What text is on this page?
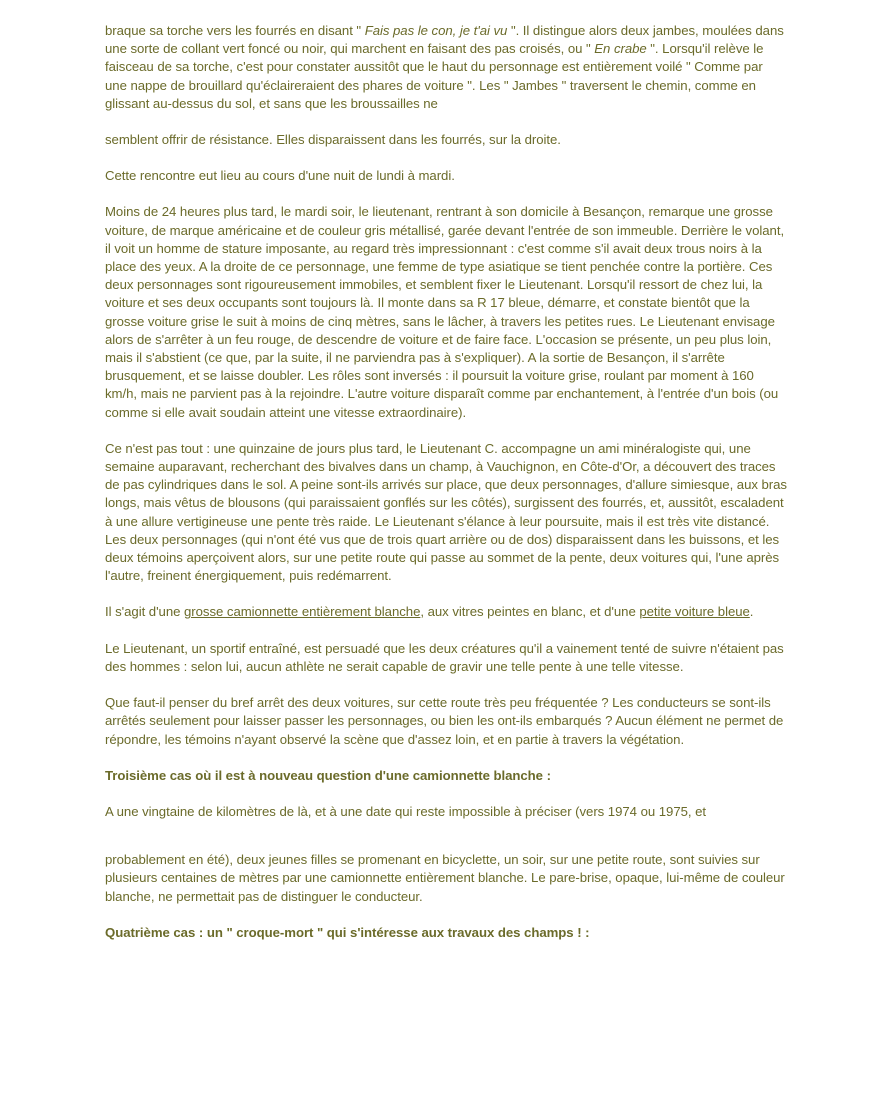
braque sa torche vers les fourrés en disant " Fais pas le con, je t'ai vu ". Il distingue alors deux jambes, moulées dans une sorte de collant vert foncé ou noir, qui marchent en faisant des pas croisés, ou " En crabe ". Lorsqu'il relève le faisceau de sa torche, c'est pour constater aussitôt que le haut du personnage est entièrement voilé " Comme par une nappe de brouillard qu'éclaireraient des phares de voiture ". Les " Jambes " traversent le chemin, comme en glissant au-dessus du sol, et sans que les broussailles ne

semblent offrir de résistance. Elles disparaissent dans les fourrés, sur la droite.

Cette rencontre eut lieu au cours d'une nuit de lundi à mardi.

Moins de 24 heures plus tard, le mardi soir, le lieutenant, rentrant à son domicile à Besançon, remarque une grosse voiture, de marque américaine et de couleur gris métallisé, garée devant l'entrée de son immeuble. Derrière le volant, il voit un homme de stature imposante, au regard très impressionnant : c'est comme s'il avait deux trous noirs à la place des yeux. A la droite de ce personnage, une femme de type asiatique se tient penchée contre la portière. Ces deux personnages sont rigoureusement immobiles, et semblent fixer le Lieutenant. Lorsqu'il ressort de chez lui, la voiture et ses deux occupants sont toujours là. Il monte dans sa R 17 bleue, démarre, et constate bientôt que la grosse voiture grise le suit à moins de cinq mètres, sans le lâcher, à travers les petites rues. Le Lieutenant envisage alors de s'arrêter à un feu rouge, de descendre de voiture et de faire face. L'occasion se présente, un peu plus loin, mais il s'abstient (ce que, par la suite, il ne parviendra pas à s'expliquer). A la sortie de Besançon, il s'arrête brusquement, et se laisse doubler. Les rôles sont inversés : il poursuit la voiture grise, roulant par moment à 160 km/h, mais ne parvient pas à la rejoindre. L'autre voiture disparaît comme par enchantement, à l'entrée d'un bois (ou comme si elle avait soudain atteint une vitesse extraordinaire).

Ce n'est pas tout : une quinzaine de jours plus tard, le Lieutenant C. accompagne un ami minéralogiste qui, une semaine auparavant, recherchant des bivalves dans un champ, à Vauchignon, en Côte-d'Or, a découvert des traces de pas cylindriques dans le sol. A peine sont-ils arrivés sur place, que deux personnages, d'allure simiesque, aux bras longs, mais vêtus de blousons (qui paraissaient gonflés sur les côtés), surgissent des fourrés, et, aussitôt, escaladent à une allure vertigineuse une pente très raide. Le Lieutenant s'élance à leur poursuite, mais il est très vite distancé. Les deux personnages (qui n'ont été vus que de trois quart arrière ou de dos) disparaissent dans les buissons, et les deux témoins aperçoivent alors, sur une petite route qui passe au sommet de la pente, deux voitures qui, l'une après l'autre, freinent énergiquement, puis redémarrent.

Il s'agit d'une grosse camionnette entièrement blanche, aux vitres peintes en blanc, et d'une petite voiture bleue.

Le Lieutenant, un sportif entraîné, est persuadé que les deux créatures qu'il a vainement tenté de suivre n'étaient pas des hommes : selon lui, aucun athlète ne serait capable de gravir une telle pente à une telle vitesse.

Que faut-il penser du bref arrêt des deux voitures, sur cette route très peu fréquentée ? Les conducteurs se sont-ils arrêtés seulement pour laisser passer les personnages, ou bien les ont-ils embarqués ? Aucun élément ne permet de répondre, les témoins n'ayant observé la scène que d'assez loin, et en partie à travers la végétation.

Troisième cas où il est à nouveau question d'une camionnette blanche :

A une vingtaine de kilomètres de là, et à une date qui reste impossible à préciser (vers 1974 ou 1975, et

probablement en été), deux jeunes filles se promenant en bicyclette, un soir, sur une petite route, sont suivies sur plusieurs centaines de mètres par une camionnette entièrement blanche. Le pare-brise, opaque, lui-même de couleur blanche, ne permettait pas de distinguer le conducteur.

Quatrième cas : un " croque-mort " qui s'intéresse aux travaux des champs ! :
